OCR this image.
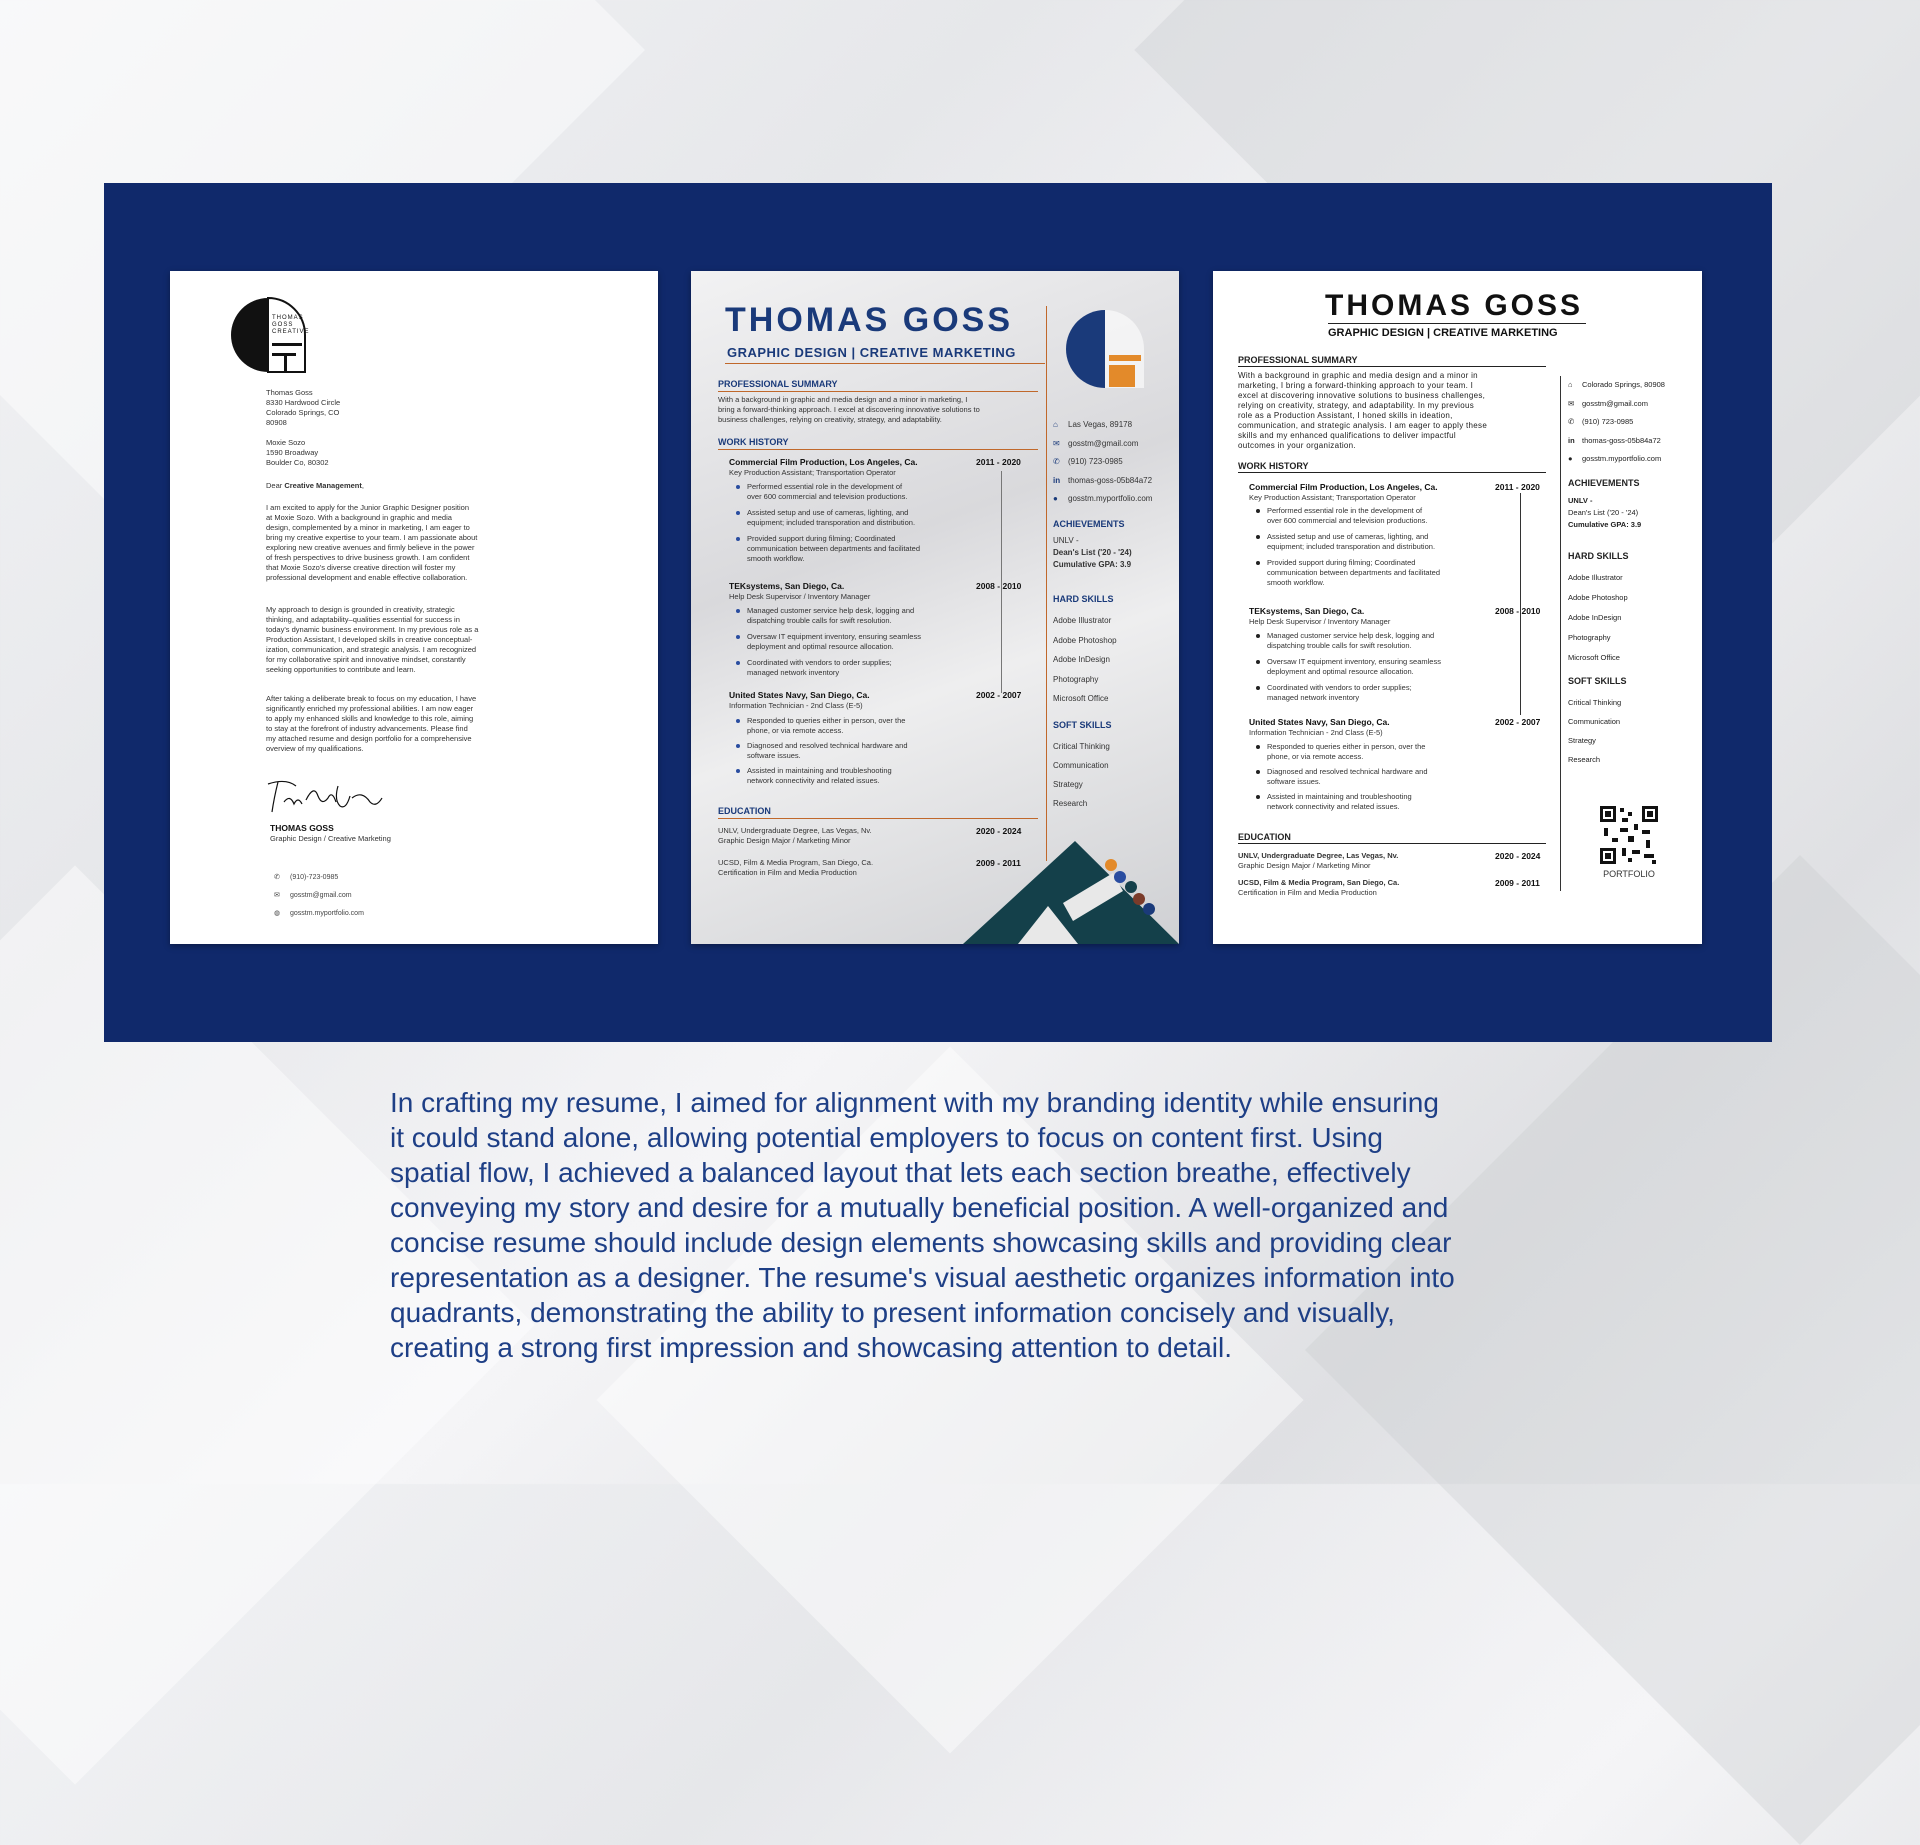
THOMAS
GOSS
CREATIVE
Thomas Goss
8330 Hardwood Circle
Colorado Springs, CO
80908
Moxie Sozo
1590 Broadway
Boulder Co, 80302
Dear Creative Management,
I am excited to apply for the Junior Graphic Designer position
at Moxie Sozo. With a background in graphic and media
design, complemented by a minor in marketing, I am eager to
bring my creative expertise to your team. I am passionate about
exploring new creative avenues and firmly believe in the power
of fresh perspectives to drive business growth. I am confident
that Moxie Sozo's diverse creative direction will foster my
professional development and enable effective collaboration.
My approach to design is grounded in creativity, strategic
thinking, and adaptability–qualities essential for success in
today's dynamic business environment. In my previous role as a
Production Assistant, I developed skills in creative conceptual-
ization, communication, and strategic analysis. I am recognized
for my collaborative spirit and innovative mindset, constantly
seeking opportunities to contribute and learn.
After taking a deliberate break to focus on my education, I have
significantly enriched my professional abilities. I am now eager
to apply my enhanced skills and knowledge to this role, aiming
to stay at the forefront of industry advancements. Please find
my attached resume and design portfolio for a comprehensive
overview of my qualifications.
THOMAS GOSS
Graphic Design / Creative Marketing
✆ (910)-723-0985
✉ gosstm@gmail.com
◍ gosstm.myportfolio.com
THOMAS GOSS
GRAPHIC DESIGN | CREATIVE MARKETING
PROFESSIONAL SUMMARY
With a background in graphic and media design and a minor in marketing, I
bring a forward-thinking approach. I excel at discovering innovative solutions to
business challenges, relying on creativity, strategy, and adaptability.
WORK HISTORY
Commercial Film Production, Los Angeles, Ca.	2011 - 2020
Key Production Assistant; Transportation Operator
Performed essential role in the development of
over 600 commercial and television productions.
Assisted setup and use of cameras, lighting, and
equipment; included transporation and distribution.
Provided support during filming; Coordinated
communication between departments and facilitated
smooth workflow.
TEKsystems, San Diego, Ca.	2008 - 2010
Help Desk Supervisor / Inventory Manager
Managed customer service help desk, logging and
dispatching trouble calls for swift resolution.
Oversaw IT equipment inventory, ensuring seamless
deployment and optimal resource allocation.
Coordinated with vendors to order supplies;
managed network inventory
United States Navy, San Diego, Ca.	2002 - 2007
Information Technician - 2nd Class (E-5)
Responded to queries either in person, over the
phone, or via remote access.
Diagnosed and resolved technical hardware and
software issues.
Assisted in maintaining and troubleshooting
network connectivity and related issues.
EDUCATION
UNLV, Undergraduate Degree, Las Vegas, Nv.
Graphic Design Major / Marketing Minor
2020 - 2024
UCSD, Film & Media Program, San Diego, Ca.
Certification in Film and Media Production
2009 - 2011
⌂ Las Vegas, 89178
✉ gosstm@gmail.com
✆ (910) 723-0985
in thomas-goss-05b84a72
● gosstm.myportfolio.com
ACHIEVEMENTS
UNLV -
Dean's List ('20 - '24)
Cumulative GPA: 3.9
HARD SKILLS
Adobe Illustrator
Adobe Photoshop
Adobe InDesign
Photography
Microsoft Office
SOFT SKILLS
Critical Thinking
Communication
Strategy
Research
THOMAS GOSS
GRAPHIC DESIGN | CREATIVE MARKETING
PROFESSIONAL SUMMARY
With a background in graphic and media design and a minor in
marketing, I bring a forward-thinking approach to your team. I
excel at discovering innovative solutions to business challenges,
relying on creativity, strategy, and adaptability. In my previous
role as a Production Assistant, I honed skills in ideation,
communication, and strategic analysis. I am eager to apply these
skills and my enhanced qualifications to deliver impactful
outcomes in your organization.
WORK HISTORY
Commercial Film Production, Los Angeles, Ca.	2011 - 2020
Key Production Assistant; Transportation Operator
Performed essential role in the development of
over 600 commercial and television productions.
Assisted setup and use of cameras, lighting, and
equipment; included transporation and distribution.
Provided support during filming; Coordinated
communication between departments and facilitated
smooth workflow.
TEKsystems, San Diego, Ca.	2008 - 2010
Help Desk Supervisor / Inventory Manager
Managed customer service help desk, logging and
dispatching trouble calls for swift resolution.
Oversaw IT equipment inventory, ensuring seamless
deployment and optimal resource allocation.
Coordinated with vendors to order supplies;
managed network inventory
United States Navy, San Diego, Ca.	2002 - 2007
Information Technician - 2nd Class (E-5)
Responded to queries either in person, over the
phone, or via remote access.
Diagnosed and resolved technical hardware and
software issues.
Assisted in maintaining and troubleshooting
network connectivity and related issues.
EDUCATION
UNLV, Undergraduate Degree, Las Vegas, Nv.
Graphic Design Major / Marketing Minor
2020 - 2024
UCSD, Film & Media Program, San Diego, Ca.
Certification in Film and Media Production
2009 - 2011
⌂ Colorado Springs, 80908
✉ gosstm@gmail.com
✆ (910) 723-0985
in thomas-goss-05b84a72
● gosstm.myportfolio.com
ACHIEVEMENTS
UNLV -
Dean's List ('20 - '24)
Cumulative GPA: 3.9
HARD SKILLS
Adobe Illustrator
Adobe Photoshop
Adobe InDesign
Photography
Microsoft Office
SOFT SKILLS
Critical Thinking
Communication
Strategy
Research
PORTFOLIO
In crafting my resume, I aimed for alignment with my branding identity while ensuring
it could stand alone, allowing potential employers to focus on content first. Using
spatial flow, I achieved a balanced layout that lets each section breathe, effectively
conveying my story and desire for a mutually beneficial position. A well-organized and
concise resume should include design elements showcasing skills and providing clear
representation as a designer. The resume's visual aesthetic organizes information into
quadrants, demonstrating the ability to present information concisely and visually,
creating a strong first impression and showcasing attention to detail.
